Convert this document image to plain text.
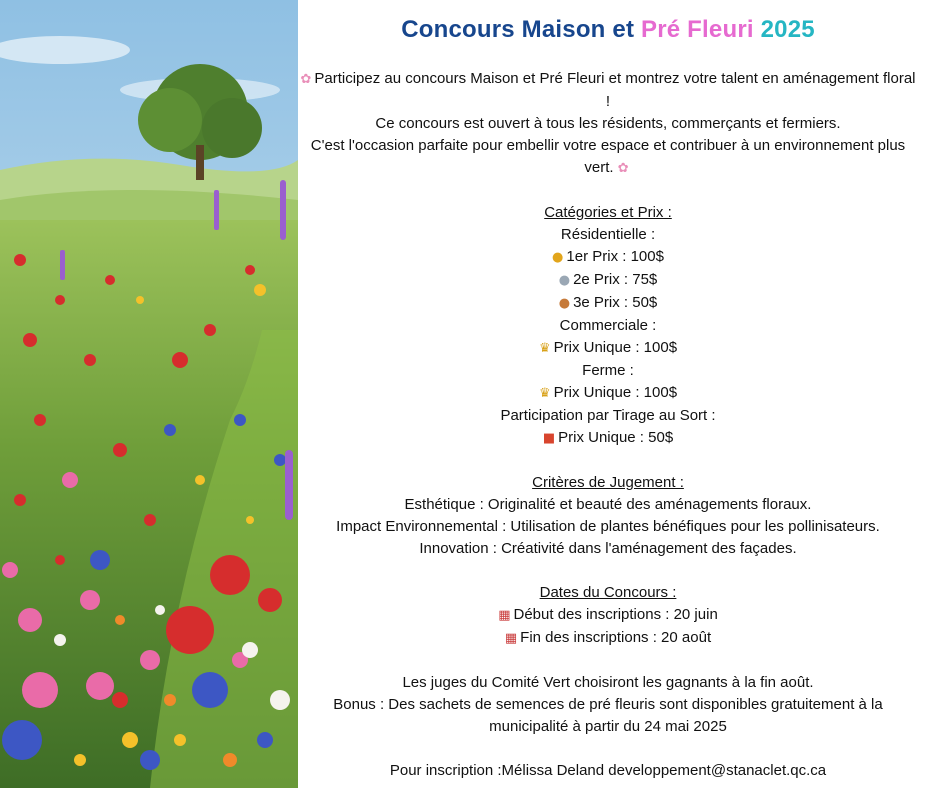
Concours Maison et Pré Fleuri 2025
✿ Participez au concours Maison et Pré Fleuri et montrez votre talent en aménagement floral !
Ce concours est ouvert à tous les résidents, commerçants et fermiers.
C'est l'occasion parfaite pour embellir votre espace et contribuer à un environnement plus vert. ✿
Catégories et Prix :
Résidentielle :
● 1er Prix : 100$
● 2e Prix : 75$
● 3e Prix : 50$
Commerciale :
♛ Prix Unique : 100$
Ferme :
♛ Prix Unique : 100$
Participation par Tirage au Sort :
■ Prix Unique : 50$
Critères de Jugement :
Esthétique : Originalité et beauté des aménagements floraux.
Impact Environnemental : Utilisation de plantes bénéfiques pour les pollinisateurs.
Innovation : Créativité dans l'aménagement des façades.
Dates du Concours :
▦ Début des inscriptions : 20 juin
▦ Fin des inscriptions : 20 août
Les juges du Comité Vert choisiront les gagnants à la fin août.
Bonus : Des sachets de semences de pré fleuris sont disponibles gratuitement à la municipalité à partir du 24 mai 2025
Pour inscription :Mélissa Deland developpement@stanaclet.qc.ca
